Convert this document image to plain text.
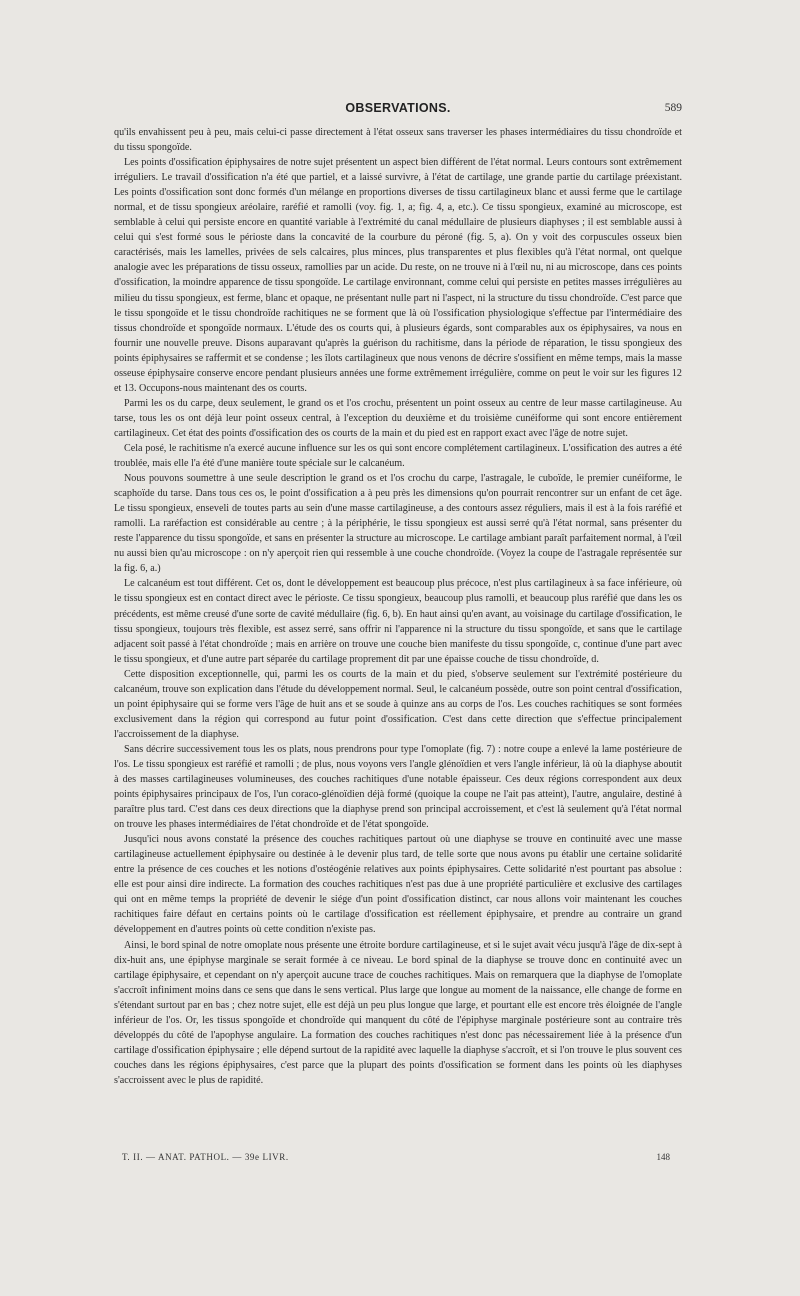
OBSERVATIONS.	589

qu'ils envahissent peu à peu, mais celui-ci passe directement à l'état osseux sans traverser les phases intermédiaires du tissu chondroïde et du tissu spongoïde.

Les points d'ossification épiphysaires de notre sujet présentent un aspect bien différent de l'état normal. Leurs contours sont extrêmement irréguliers. Le travail d'ossification n'a été que partiel, et a laissé survivre, à l'état de cartilage, une grande partie du cartilage préexistant. Les points d'ossification sont donc formés d'un mélange en proportions diverses de tissu cartilagineux blanc et aussi ferme que le cartilage normal, et de tissu spongieux aréolaire, raréfié et ramolli (voy. fig. 1, a; fig. 4, a, etc.). Ce tissu spongieux, examiné au microscope, est semblable à celui qui persiste encore en quantité variable à l'extrémité du canal médullaire de plusieurs diaphyses ; il est semblable aussi à celui qui s'est formé sous le périoste dans la concavité de la courbure du péroné (fig. 5, a). On y voit des corpuscules osseux bien caractérisés, mais les lamelles, privées de sels calcaires, plus minces, plus transparentes et plus flexibles qu'à l'état normal, ont quelque analogie avec les préparations de tissu osseux, ramollies par un acide. Du reste, on ne trouve ni à l'œil nu, ni au microscope, dans ces points d'ossification, la moindre apparence de tissu spongoïde. Le cartilage environnant, comme celui qui persiste en petites masses irrégulières au milieu du tissu spongieux, est ferme, blanc et opaque, ne présentant nulle part ni l'aspect, ni la structure du tissu chondroïde. C'est parce que le tissu spongoïde et le tissu chondroïde rachitiques ne se forment que là où l'ossification physiologique s'effectue par l'intermédiaire des tissus chondroïde et spongoïde normaux. L'étude des os courts qui, à plusieurs égards, sont comparables aux os épiphysaires, va nous en fournir une nouvelle preuve. Disons auparavant qu'après la guérison du rachitisme, dans la période de réparation, le tissu spongieux des points épiphysaires se raffermit et se condense ; les îlots cartilagineux que nous venons de décrire s'ossifient en même temps, mais la masse osseuse épiphysaire conserve encore pendant plusieurs années une forme extrêmement irrégulière, comme on peut le voir sur les figures 12 et 13. Occupons-nous maintenant des os courts.

Parmi les os du carpe, deux seulement, le grand os et l'os crochu, présentent un point osseux au centre de leur masse cartilagineuse. Au tarse, tous les os ont déjà leur point osseux central, à l'exception du deuxième et du troisième cunéiforme qui sont encore entièrement cartilagineux. Cet état des points d'ossification des os courts de la main et du pied est en rapport exact avec l'âge de notre sujet.

Cela posé, le rachitisme n'a exercé aucune influence sur les os qui sont encore complétement cartilagineux. L'ossification des autres a été troublée, mais elle l'a été d'une manière toute spéciale sur le calcanéum.

Nous pouvons soumettre à une seule description le grand os et l'os crochu du carpe, l'astragale, le cuboïde, le premier cunéiforme, le scaphoïde du tarse. Dans tous ces os, le point d'ossification a à peu près les dimensions qu'on pourrait rencontrer sur un enfant de cet âge. Le tissu spongieux, enseveli de toutes parts au sein d'une masse cartilagineuse, a des contours assez réguliers, mais il est à la fois raréfié et ramolli. La raréfaction est considérable au centre ; à la périphérie, le tissu spongieux est aussi serré qu'à l'état normal, sans présenter du reste l'apparence du tissu spongoïde, et sans en présenter la structure au microscope. Le cartilage ambiant paraît parfaitement normal, à l'œil nu aussi bien qu'au microscope : on n'y aperçoit rien qui ressemble à une couche chondroïde. (Voyez la coupe de l'astragale représentée sur la fig. 6, a.)

Le calcanéum est tout différent. Cet os, dont le développement est beaucoup plus précoce, n'est plus cartilagineux à sa face inférieure, où le tissu spongieux est en contact direct avec le périoste. Ce tissu spongieux, beaucoup plus ramolli, et beaucoup plus raréfié que dans les os précédents, est même creusé d'une sorte de cavité médullaire (fig. 6, b). En haut ainsi qu'en avant, au voisinage du cartilage d'ossification, le tissu spongieux, toujours très flexible, est assez serré, sans offrir ni l'apparence ni la structure du tissu spongoïde, et sans que le cartilage adjacent soit passé à l'état chondroïde ; mais en arrière on trouve une couche bien manifeste du tissu spongoïde, c, continue d'une part avec le tissu spongieux, et d'une autre part séparée du cartilage proprement dit par une épaisse couche de tissu chondroïde, d.

Cette disposition exceptionnelle, qui, parmi les os courts de la main et du pied, s'observe seulement sur l'extrémité postérieure du calcanéum, trouve son explication dans l'étude du développement normal. Seul, le calcanéum possède, outre son point central d'ossification, un point épiphysaire qui se forme vers l'âge de huit ans et se soude à quinze ans au corps de l'os. Les couches rachitiques se sont formées exclusivement dans la région qui correspond au futur point d'ossification. C'est dans cette direction que s'effectue principalement l'accroissement de la diaphyse.

Sans décrire successivement tous les os plats, nous prendrons pour type l'omoplate (fig. 7) : notre coupe a enlevé la lame postérieure de l'os. Le tissu spongieux est raréfié et ramolli ; de plus, nous voyons vers l'angle glénoïdien et vers l'angle inférieur, là où la diaphyse aboutit à des masses cartilagineuses volumineuses, des couches rachitiques d'une notable épaisseur. Ces deux régions correspondent aux deux points épiphysaires principaux de l'os, l'un coraco-glénoïdien déjà formé (quoique la coupe ne l'ait pas atteint), l'autre, angulaire, destiné à paraître plus tard. C'est dans ces deux directions que la diaphyse prend son principal accroissement, et c'est là seulement qu'à l'état normal on trouve les phases intermédiaires de l'état chondroïde et de l'état spongoïde.

Jusqu'ici nous avons constaté la présence des couches rachitiques partout où une diaphyse se trouve en continuité avec une masse cartilagineuse actuellement épiphysaire ou destinée à le devenir plus tard, de telle sorte que nous avons pu établir une certaine solidarité entre la présence de ces couches et les notions d'ostéogénie relatives aux points épiphysaires. Cette solidarité n'est pourtant pas absolue : elle est pour ainsi dire indirecte. La formation des couches rachitiques n'est pas due à une propriété particulière et exclusive des cartilages qui ont en même temps la propriété de devenir le siége d'un point d'ossification distinct, car nous allons voir maintenant les couches rachitiques faire défaut en certains points où le cartilage d'ossification est réellement épiphysaire, et prendre au contraire un grand développement en d'autres points où cette condition n'existe pas.

Ainsi, le bord spinal de notre omoplate nous présente une étroite bordure cartilagineuse, et si le sujet avait vécu jusqu'à l'âge de dix-sept à dix-huit ans, une épiphyse marginale se serait formée à ce niveau. Le bord spinal de la diaphyse se trouve donc en continuité avec un cartilage épiphysaire, et cependant on n'y aperçoit aucune trace de couches rachitiques. Mais on remarquera que la diaphyse de l'omoplate s'accroît infiniment moins dans ce sens que dans le sens vertical. Plus large que longue au moment de la naissance, elle change de forme en s'étendant surtout par en bas ; chez notre sujet, elle est déjà un peu plus longue que large, et pourtant elle est encore très éloignée de l'angle inférieur de l'os. Or, les tissus spongoïde et chondroïde qui manquent du côté de l'épiphyse marginale postérieure sont au contraire très développés du côté de l'apophyse angulaire. La formation des couches rachitiques n'est donc pas nécessairement liée à la présence d'un cartilage d'ossification épiphysaire ; elle dépend surtout de la rapidité avec laquelle la diaphyse s'accroît, et si l'on trouve le plus souvent ces couches dans les régions épiphysaires, c'est parce que la plupart des points d'ossification se forment dans les points où les diaphyses s'accroissent avec le plus de rapidité.

T. II. — ANAT. PATHOL. — 39e LIVR.	148
